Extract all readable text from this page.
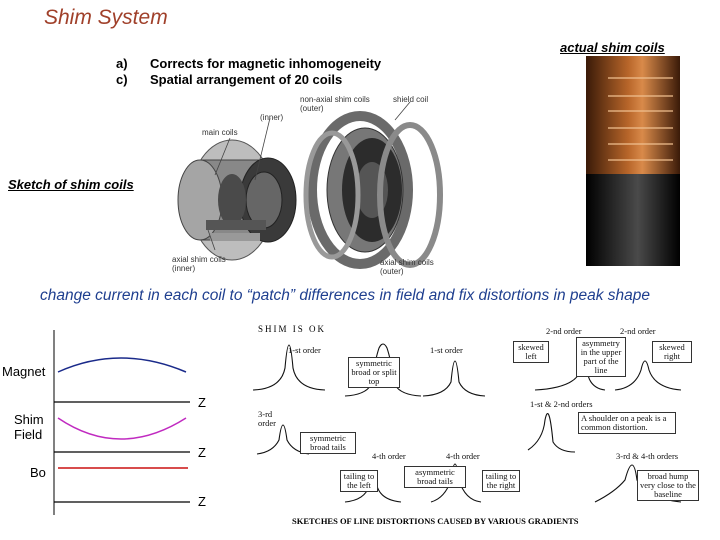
Shim System
a)	Corrects for magnetic inhomogeneity
c)	Spatial arrangement of 20 coils
actual shim coils
Sketch of shim coils
non-axial shim coils
(outer)
(inner)
shield coil
main coils
axial shim coils
(inner)
axial shim coils
(outer)
change current in each coil to “patch” differences in field and fix distortions in peak shape
Magnet
Shim
Field
Bo
Z
Z
Z
SHIM IS OK
1-st order	1-st order
2-nd order	2-nd order
1-st & 2-nd orders
3-rd order
4-th order	4-th order	3-rd & 4-th orders
symmetric broad or split top
skewed left
asymmetry in the upper part of the line
skewed right
A shoulder on a peak is a common distortion.
symmetric broad tails
tailing to the left
asymmetric broad tails	tailing to the right
broad hump very close to the baseline
SKETCHES OF LINE DISTORTIONS CAUSED BY VARIOUS GRADIENTS
